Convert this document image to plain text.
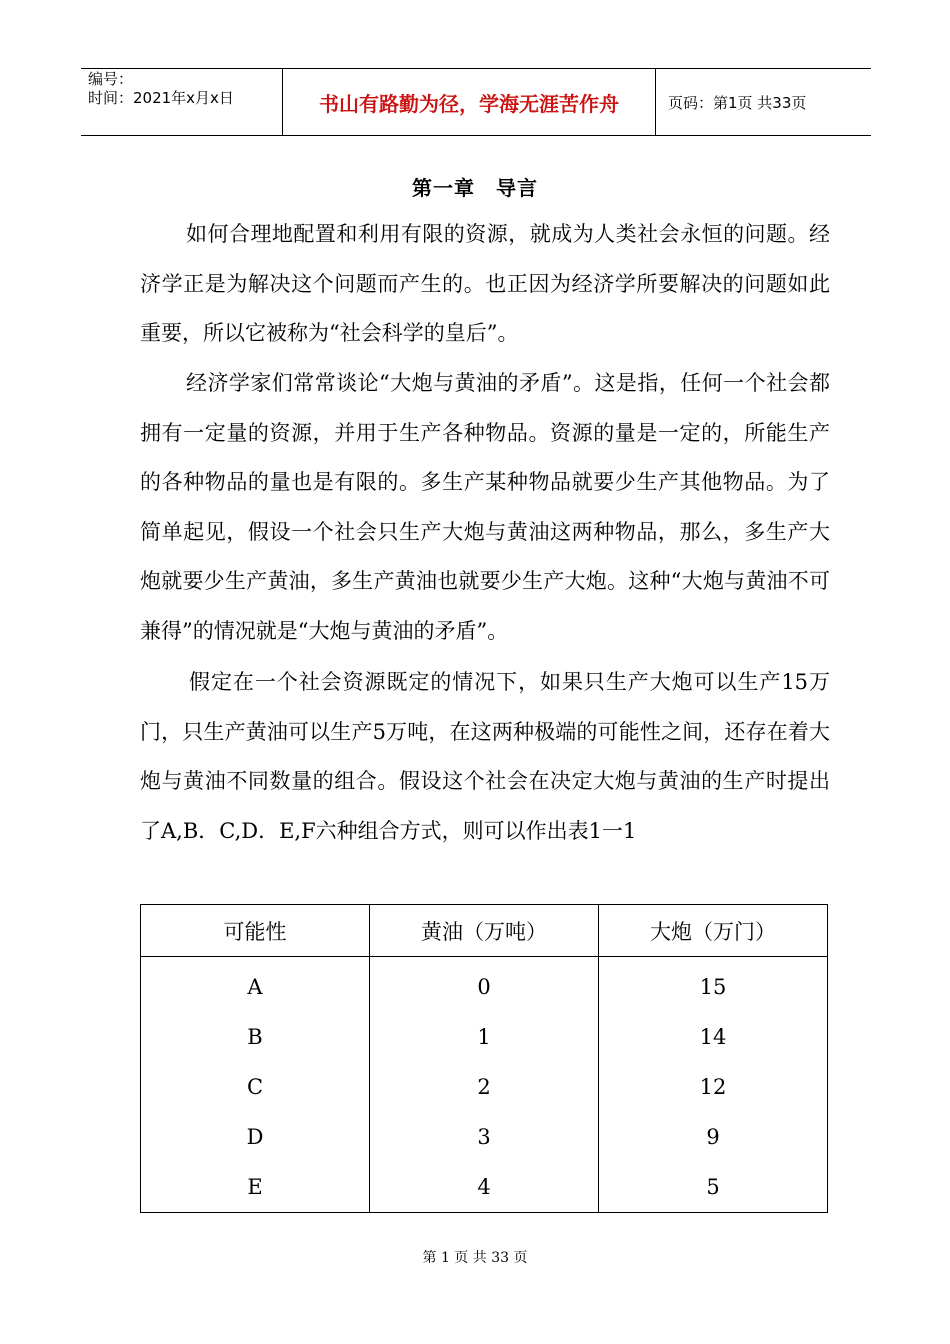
编号：
时间：2021年x月x日	书山有路勤为径，学海无涯苦作舟	页码：第1页 共33页
第一章　导言

如何合理地配置和利用有限的资源，就成为人类社会永恒的问题。经济学正是为解决这个问题而产生的。也正因为经济学所要解决的问题如此重要，所以它被称为“社会科学的皇后”。

经济学家们常常谈论“大炮与黄油的矛盾”。这是指，任何一个社会都拥有一定量的资源，并用于生产各种物品。资源的量是一定的，所能生产的各种物品的量也是有限的。多生产某种物品就要少生产其他物品。为了简单起见，假设一个社会只生产大炮与黄油这两种物品，那么，多生产大炮就要少生产黄油，多生产黄油也就要少生产大炮。这种“大炮与黄油不可兼得”的情况就是“大炮与黄油的矛盾”。

假定在一个社会资源既定的情况下，如果只生产大炮可以生产15万门，只生产黄油可以生产5万吨，在这两种极端的可能性之间，还存在着大炮与黄油不同数量的组合。假设这个社会在决定大炮与黄油的生产时提出了A,B．C,D．E,F六种组合方式，则可以作出表1一1

可能性	黄油（万吨）	大炮（万门）
A	0	15
B	1	14
C	2	12
D	3	9
E	4	5
第 1 页 共 33 页
